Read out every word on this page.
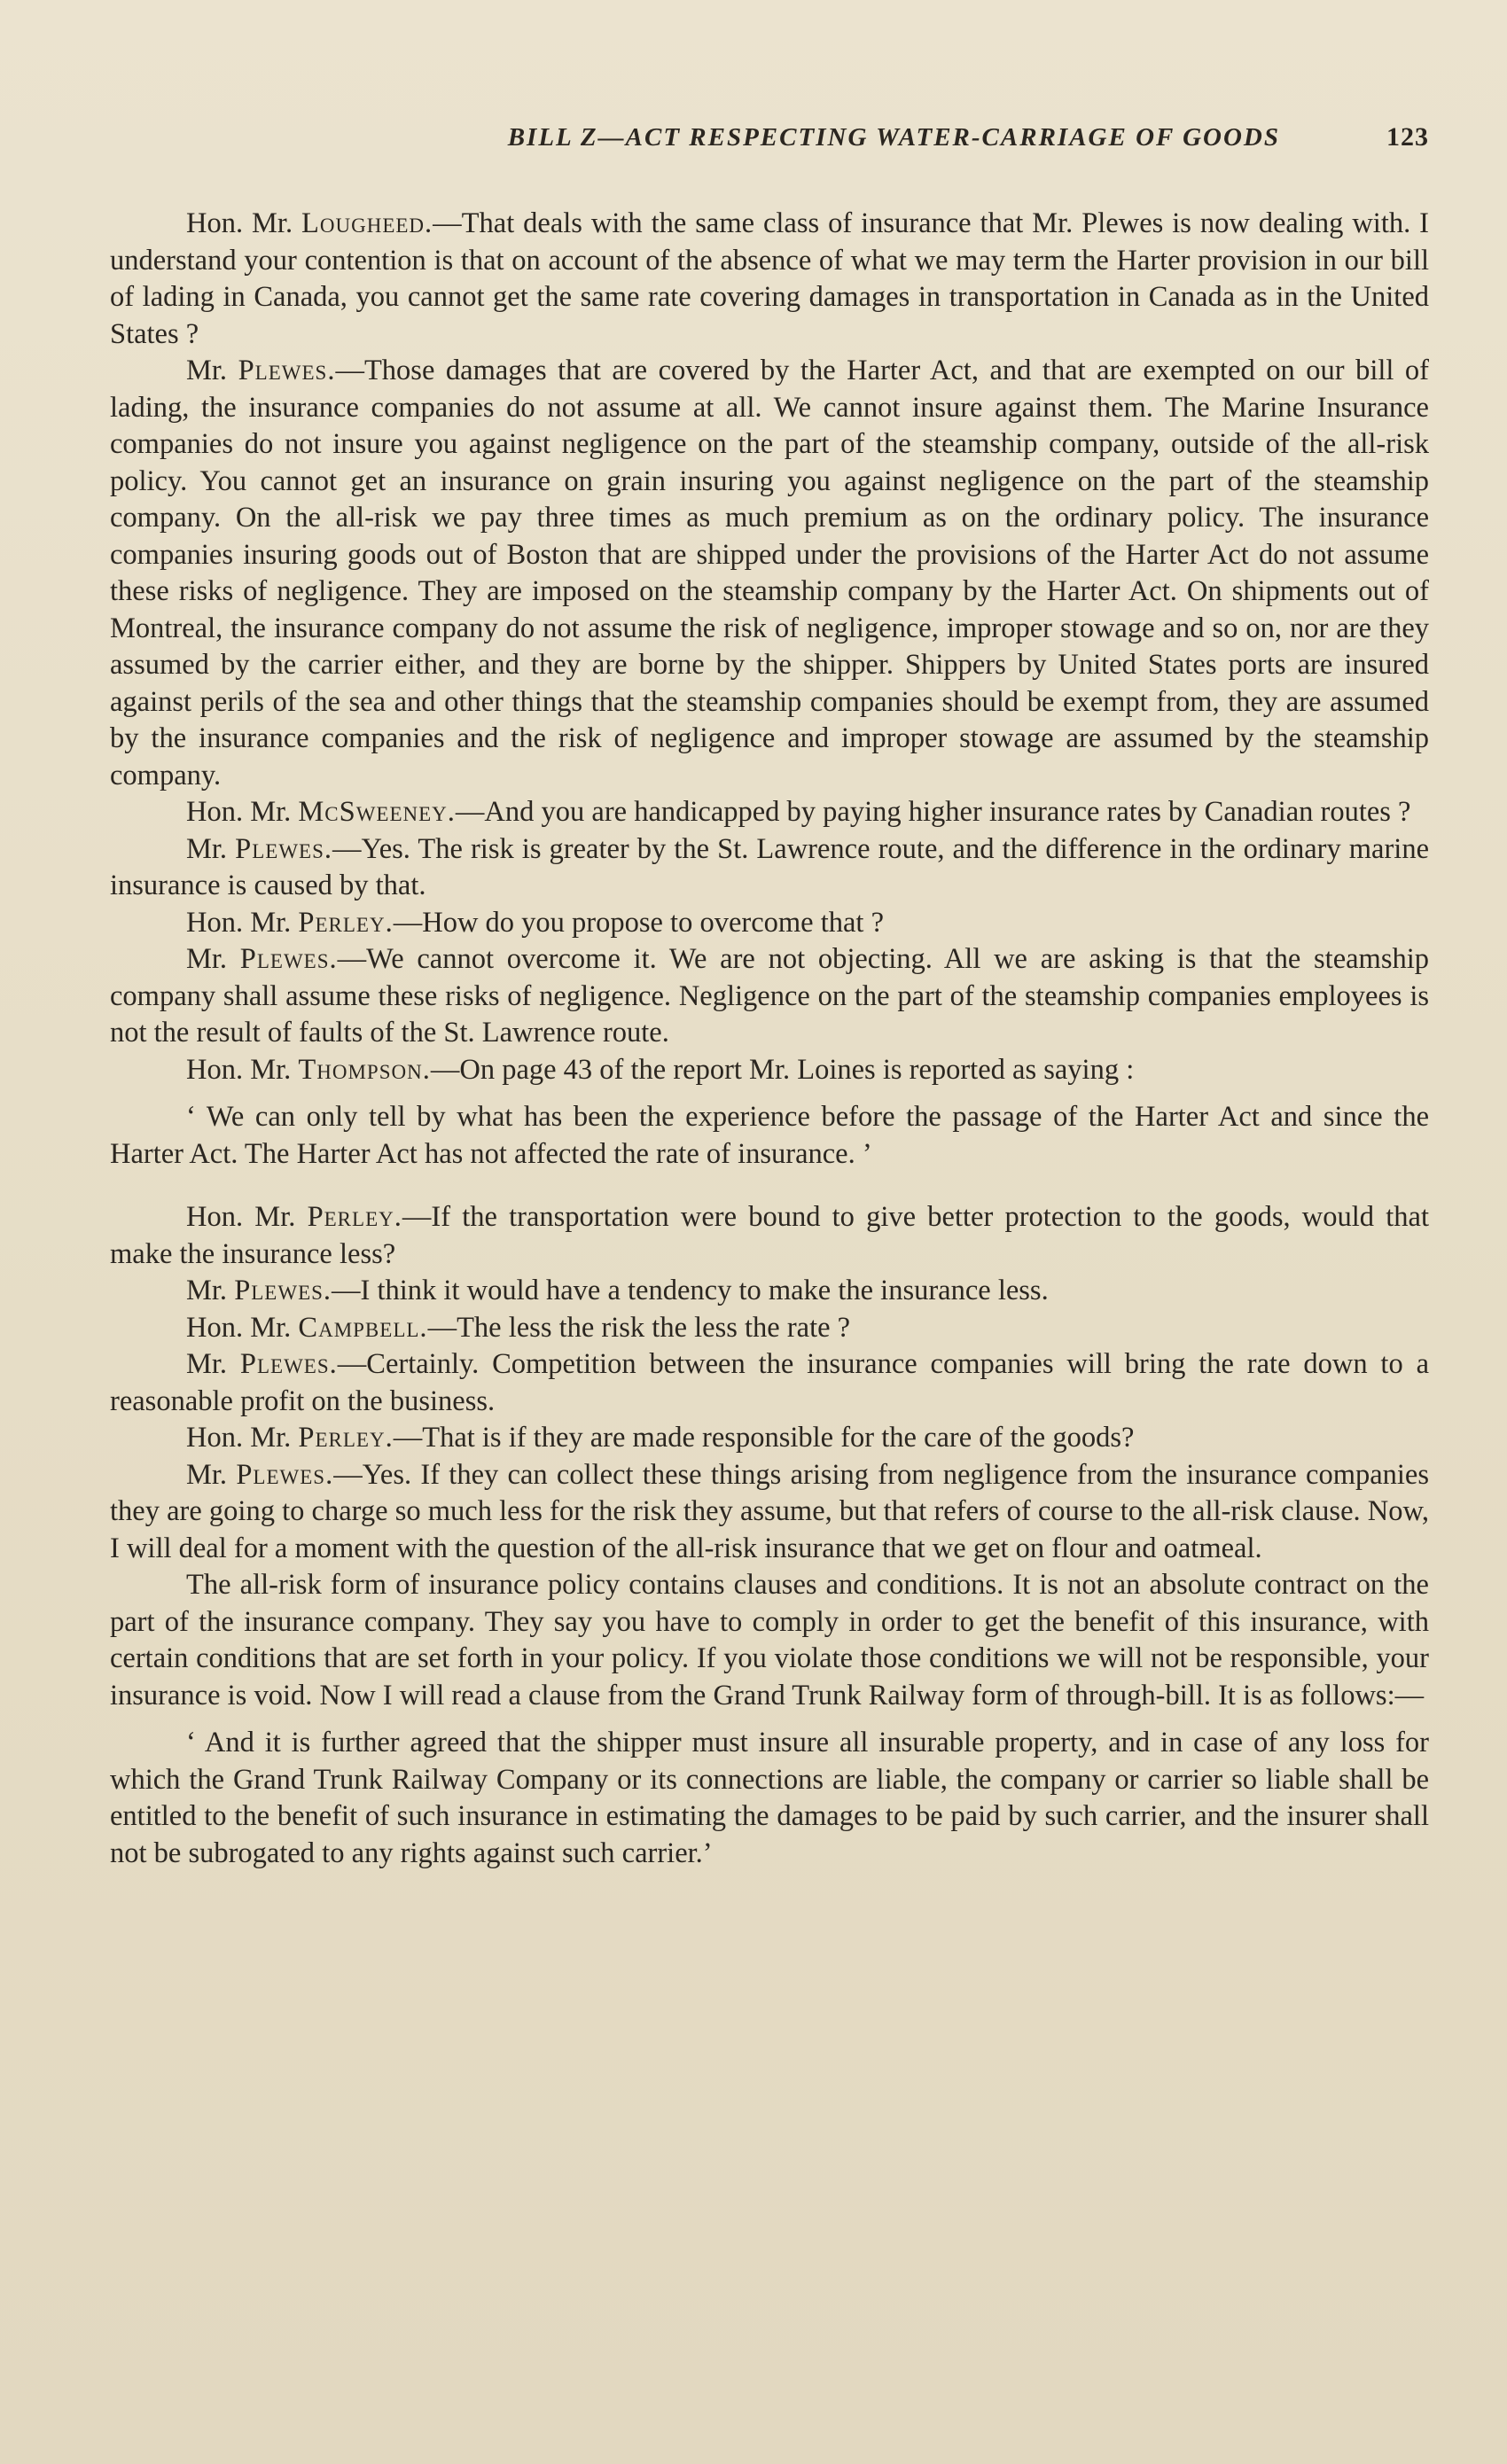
BILL Z—ACT RESPECTING WATER-CARRIAGE OF GOODS	123

Hon. Mr. Lougheed.—That deals with the same class of insurance that Mr. Plewes is now dealing with. I understand your contention is that on account of the absence of what we may term the Harter provision in our bill of lading in Canada, you cannot get the same rate covering damages in transportation in Canada as in the United States ?

Mr. Plewes.—Those damages that are covered by the Harter Act, and that are exempted on our bill of lading, the insurance companies do not assume at all. We cannot insure against them. The Marine Insurance companies do not insure you against negligence on the part of the steamship company, outside of the all-risk policy. You cannot get an insurance on grain insuring you against negligence on the part of the steamship company. On the all-risk we pay three times as much premium as on the ordinary policy. The insurance companies insuring goods out of Boston that are shipped under the provisions of the Harter Act do not assume these risks of negligence. They are imposed on the steamship company by the Harter Act. On shipments out of Montreal, the insurance company do not assume the risk of negligence, improper stowage and so on, nor are they assumed by the carrier either, and they are borne by the shipper. Shippers by United States ports are insured against perils of the sea and other things that the steamship companies should be exempt from, they are assumed by the insurance companies and the risk of negligence and improper stowage are assumed by the steamship company.

Hon. Mr. McSweeney.—And you are handicapped by paying higher insurance rates by Canadian routes ?

Mr. Plewes.—Yes. The risk is greater by the St. Lawrence route, and the difference in the ordinary marine insurance is caused by that.

Hon. Mr. Perley.—How do you propose to overcome that ?

Mr. Plewes.—We cannot overcome it. We are not objecting. All we are asking is that the steamship company shall assume these risks of negligence. Negligence on the part of the steamship companies employees is not the result of faults of the St. Lawrence route.

Hon. Mr. Thompson.—On page 43 of the report Mr. Loines is reported as saying :

‘ We can only tell by what has been the experience before the passage of the Harter Act and since the Harter Act. The Harter Act has not affected the rate of insurance. ’

Hon. Mr. Perley.—If the transportation were bound to give better protection to the goods, would that make the insurance less?

Mr. Plewes.—I think it would have a tendency to make the insurance less.

Hon. Mr. Campbell.—The less the risk the less the rate ?

Mr. Plewes.—Certainly. Competition between the insurance companies will bring the rate down to a reasonable profit on the business.

Hon. Mr. Perley.—That is if they are made responsible for the care of the goods?

Mr. Plewes.—Yes. If they can collect these things arising from negligence from the insurance companies they are going to charge so much less for the risk they assume, but that refers of course to the all-risk clause. Now, I will deal for a moment with the question of the all-risk insurance that we get on flour and oatmeal.

The all-risk form of insurance policy contains clauses and conditions. It is not an absolute contract on the part of the insurance company. They say you have to comply in order to get the benefit of this insurance, with certain conditions that are set forth in your policy. If you violate those conditions we will not be responsible, your insurance is void. Now I will read a clause from the Grand Trunk Railway form of through-bill. It is as follows:—

‘ And it is further agreed that the shipper must insure all insurable property, and in case of any loss for which the Grand Trunk Railway Company or its connections are liable, the company or carrier so liable shall be entitled to the benefit of such insurance in estimating the damages to be paid by such carrier, and the insurer shall not be subrogated to any rights against such carrier.’
